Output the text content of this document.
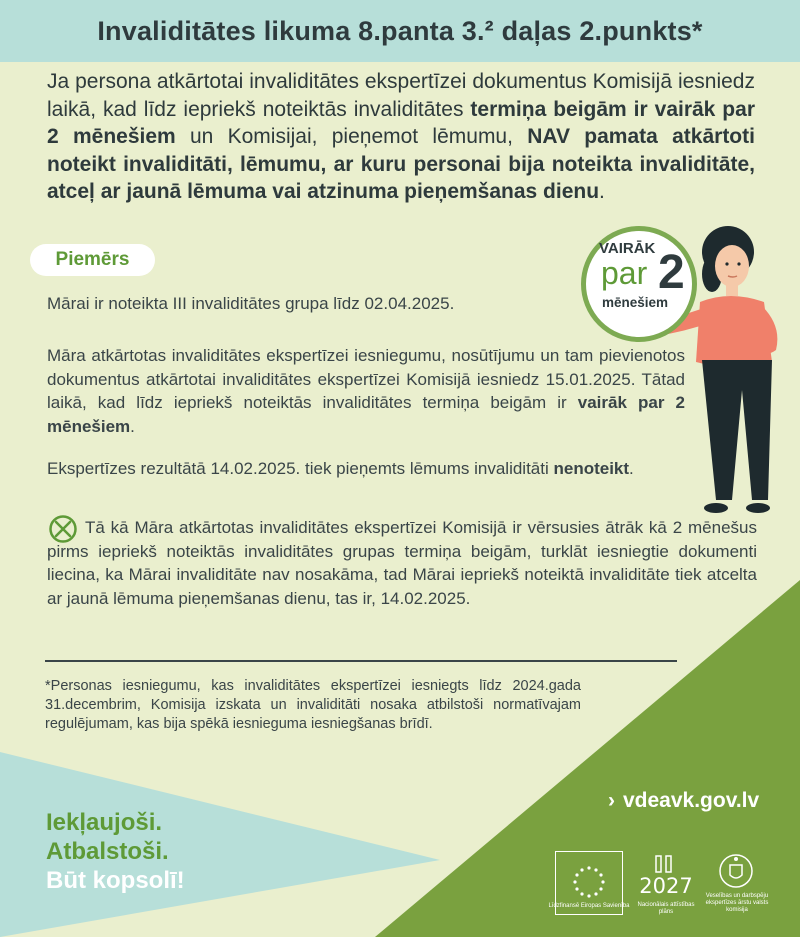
Invaliditātes likuma 8.panta 3.² daļas 2.punkts*
Ja persona atkārtotai invaliditātes ekspertīzei dokumentus Komisijā iesniedz laikā, kad līdz iepriekš noteiktās invaliditātes termiņa beigām ir vairāk par 2 mēnešiem un Komisijai, pieņemot lēmumu, NAV pamata atkārtoti noteikt invaliditāti, lēmumu, ar kuru personai bija noteikta invaliditāte, atceļ ar jaunā lēmuma vai atzinuma pieņemšanas dienu.
Piemērs
VAIRĀK
par 2
mēnešiem
Mārai ir noteikta III invaliditātes grupa līdz 02.04.2025.
Māra atkārtotas invaliditātes ekspertīzei iesniegumu, nosūtījumu un tam pievienotos dokumentus atkārtotai invaliditātes ekspertīzei Komisijā iesniedz 15.01.2025. Tātad laikā, kad līdz iepriekš noteiktās invaliditātes termiņa beigām ir vairāk par 2 mēnešiem.
Ekspertīzes rezultātā 14.02.2025. tiek pieņemts lēmums invaliditāti nenoteikt.
Tā kā Māra atkārtotas invaliditātes ekspertīzei Komisijā ir vērsusies ātrāk kā 2 mēnešus pirms iepriekš noteiktās invaliditātes grupas termiņa beigām, turklāt iesniegtie dokumenti liecina, ka Mārai invaliditāte nav nosakāma, tad Mārai iepriekš noteiktā invaliditāte tiek atcelta ar jaunā lēmuma pieņemšanas dienu, tas ir, 14.02.2025.
*Personas iesniegumu, kas invaliditātes ekspertīzei iesniegts līdz 2024.gada 31.decembrim, Komisija izskata un invaliditāti nosaka atbilstoši normatīvajam regulējumam, kas bija spēkā iesnieguma iesniegšanas brīdī.
Iekļaujoši.
Atbalstoši.
Būt kopsolī!
› vdeavk.gov.lv
Līdzfinansē Eiropas Savienība
2027
Nacionālais attīstības plāns
Veselības un darbspēju ekspertīzes ārstu valsts komisija
